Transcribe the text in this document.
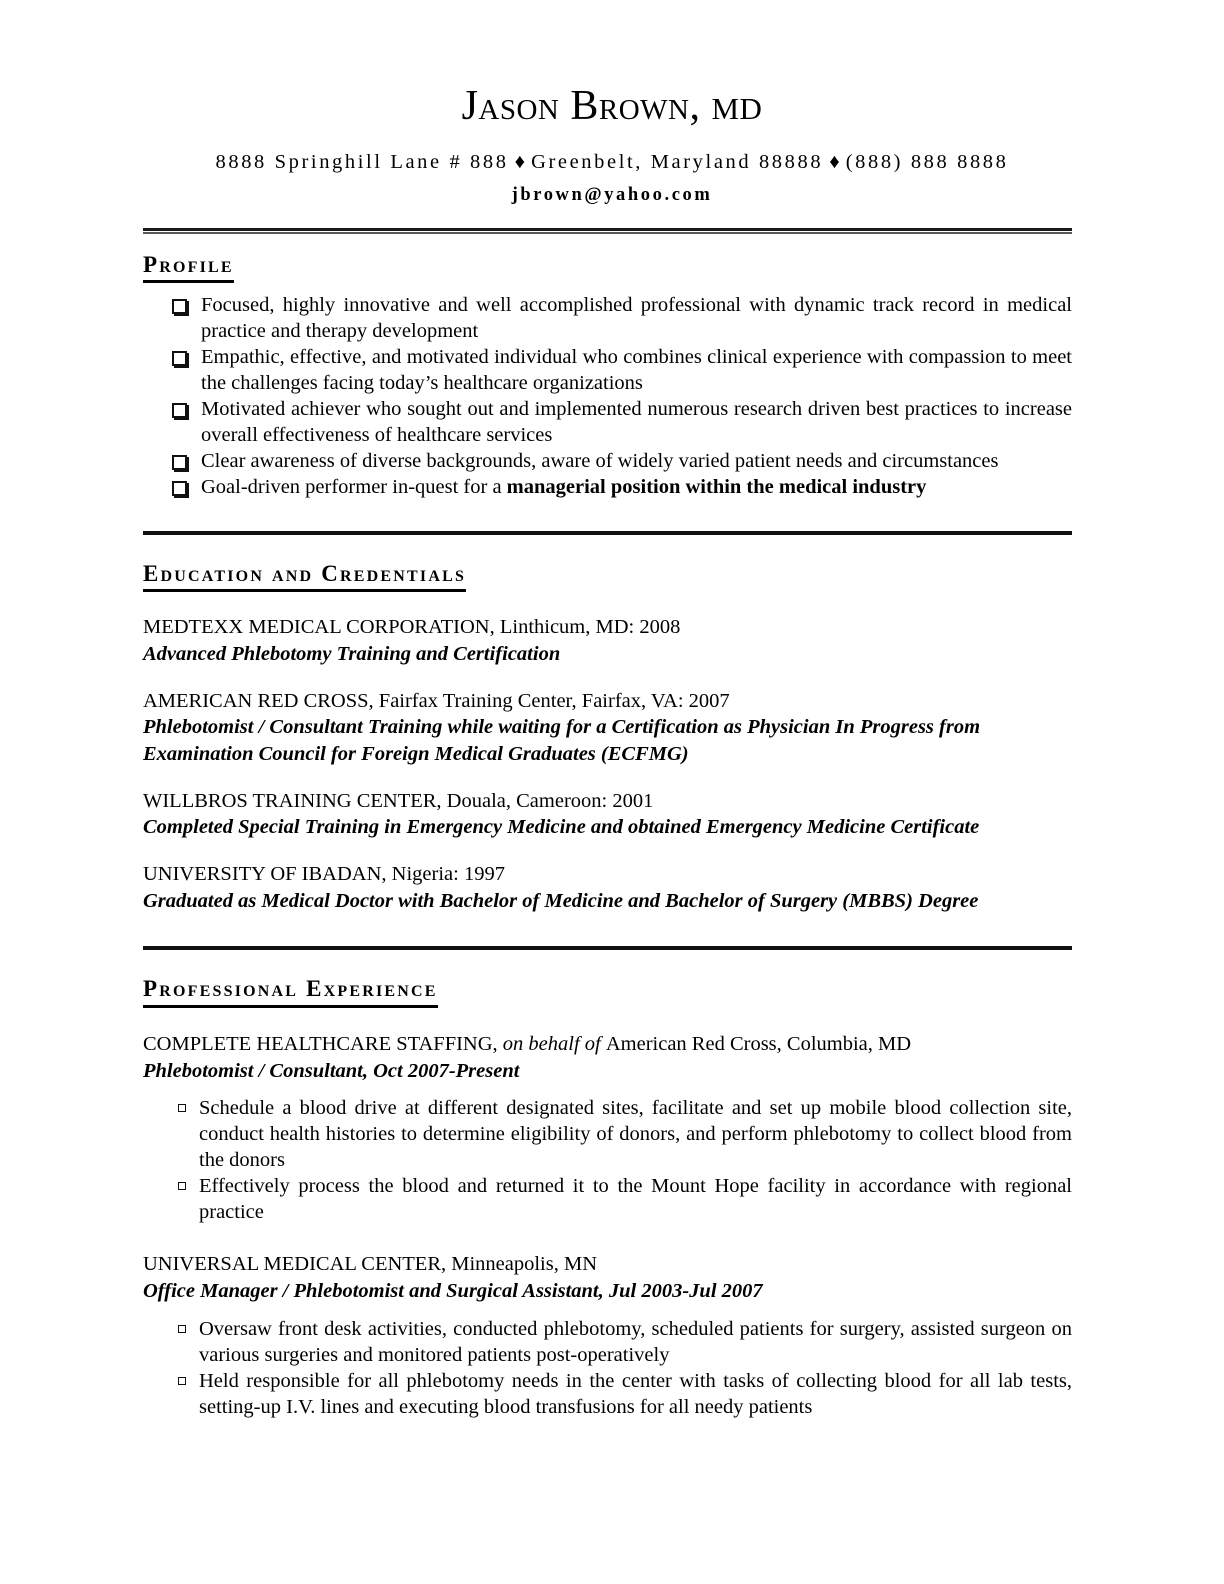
Jason Brown, MD
8888 Springhill Lane # 888 ♦ Greenbelt, Maryland 88888 ♦ (888) 888 8888
jbrown@yahoo.com
Profile
Focused, highly innovative and well accomplished professional with dynamic track record in medical practice and therapy development
Empathic, effective, and motivated individual who combines clinical experience with compassion to meet the challenges facing today’s healthcare organizations
Motivated achiever who sought out and implemented numerous research driven best practices to increase overall effectiveness of healthcare services
Clear awareness of diverse backgrounds, aware of widely varied patient needs and circumstances
Goal-driven performer in-quest for a managerial position within the medical industry
Education and Credentials
MEDTEXX MEDICAL CORPORATION, Linthicum, MD: 2008
Advanced Phlebotomy Training and Certification
AMERICAN RED CROSS, Fairfax Training Center, Fairfax, VA: 2007
Phlebotomist / Consultant Training while waiting for a Certification as Physician In Progress from Examination Council for Foreign Medical Graduates (ECFMG)
WILLBROS TRAINING CENTER, Douala, Cameroon: 2001
Completed Special Training in Emergency Medicine and obtained Emergency Medicine Certificate
UNIVERSITY OF IBADAN, Nigeria: 1997
Graduated as Medical Doctor with Bachelor of Medicine and Bachelor of Surgery (MBBS) Degree
Professional Experience
COMPLETE HEALTHCARE STAFFING, on behalf of American Red Cross, Columbia, MD
Phlebotomist / Consultant, Oct 2007-Present
Schedule a blood drive at different designated sites, facilitate and set up mobile blood collection site, conduct health histories to determine eligibility of donors, and perform phlebotomy to collect blood from the donors
Effectively process the blood and returned it to the Mount Hope facility in accordance with regional practice
UNIVERSAL MEDICAL CENTER, Minneapolis, MN
Office Manager / Phlebotomist and Surgical Assistant, Jul 2003-Jul 2007
Oversaw front desk activities, conducted phlebotomy, scheduled patients for surgery, assisted surgeon on various surgeries and monitored patients post-operatively
Held responsible for all phlebotomy needs in the center with tasks of collecting blood for all lab tests, setting-up I.V. lines and executing blood transfusions for all needy patients
